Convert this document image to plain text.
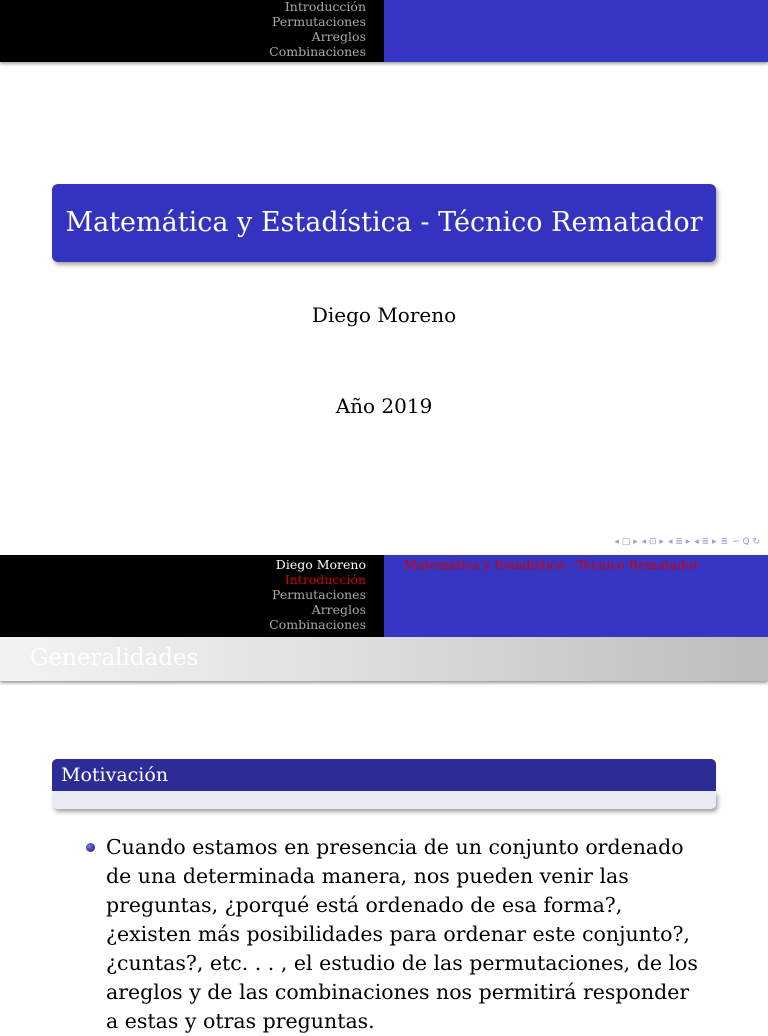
Introducción
Permutaciones
Arreglos
Combinaciones
Matemática y Estadística - Técnico Rematador
Diego Moreno
Año 2019
◂ □ ▸ ◂ ⊡ ▸ ◂ ≣ ▸ ◂ ≣ ▸ ≣ ∽ Q ↻
Diego Moreno
Introducción
Permutaciones
Arreglos
Combinaciones
Matemática y Estadística - Técnico Rematador
Generalidades
Motivación
Cuando estamos en presencia de un conjunto ordenado de una determinada manera, nos pueden venir las preguntas, ¿porqué está ordenado de esa forma?, ¿existen más posibilidades para ordenar este conjunto?, ¿cuntas?, etc. . . , el estudio de las permutaciones, de los areglos y de las combinaciones nos permitirá responder a estas y otras preguntas.
